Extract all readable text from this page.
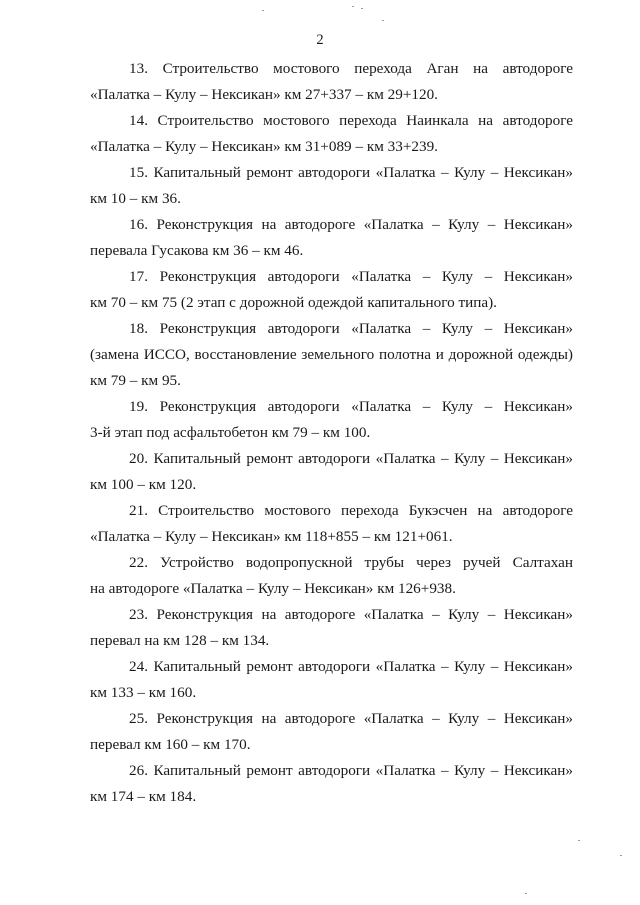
2

13. Строительство мостового перехода Аган на автодороге
«Палатка – Кулу – Нексикан» км 27+337 – км 29+120.

14. Строительство мостового перехода Наинкала на автодороге
«Палатка – Кулу – Нексикан» км 31+089 – км 33+239.

15. Капитальный ремонт автодороги «Палатка – Кулу – Нексикан»
км 10 – км 36.

16. Реконструкция на автодороге «Палатка – Кулу – Нексикан»
перевала Гусакова км 36 – км 46.

17. Реконструкция автодороги «Палатка – Кулу – Нексикан»
км 70 – км 75 (2 этап с дорожной одеждой капитального типа).

18. Реконструкция автодороги «Палатка – Кулу – Нексикан»
(замена ИССО, восстановление земельного полотна и дорожной одежды)
км 79 – км 95.

19. Реконструкция автодороги «Палатка – Кулу – Нексикан»
3-й этап под асфальтобетон км 79 – км 100.

20. Капитальный ремонт автодороги «Палатка – Кулу – Нексикан»
км 100 – км 120.

21. Строительство мостового перехода Букэсчен на автодороге
«Палатка – Кулу – Нексикан» км 118+855 – км 121+061.

22. Устройство водопропускной трубы через ручей Салтахан
на автодороге «Палатка – Кулу – Нексикан» км 126+938.

23. Реконструкция на автодороге «Палатка – Кулу – Нексикан»
перевал на км 128 – км 134.

24. Капитальный ремонт автодороги «Палатка – Кулу – Нексикан»
км 133 – км 160.

25. Реконструкция на автодороге «Палатка – Кулу – Нексикан»
перевал км 160 – км 170.

26. Капитальный ремонт автодороги «Палатка – Кулу – Нексикан»
км 174 – км 184.
